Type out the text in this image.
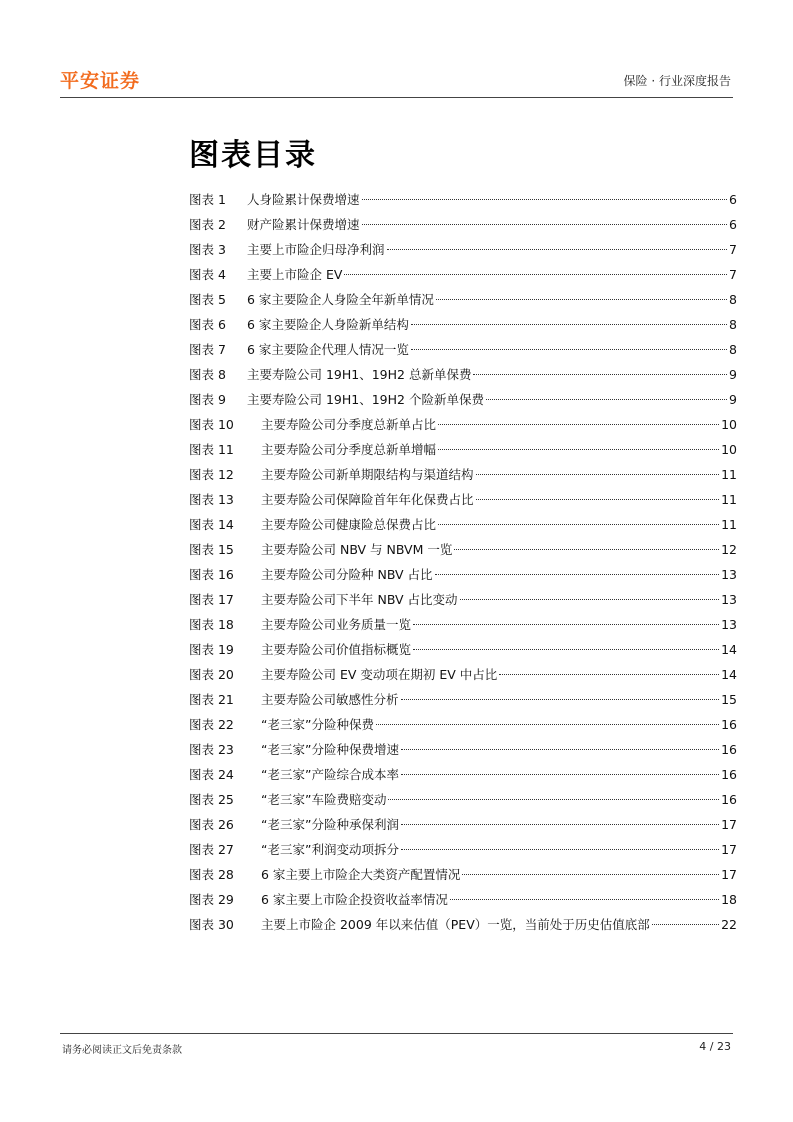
平安证券	保险 · 行业深度报告
图表目录
图表 1	人身险累计保费增速	6
图表 2	财产险累计保费增速	6
图表 3	主要上市险企归母净利润	7
图表 4	主要上市险企 EV	7
图表 5	6 家主要险企人身险全年新单情况	8
图表 6	6 家主要险企人身险新单结构	8
图表 7	6 家主要险企代理人情况一览	8
图表 8	主要寿险公司 19H1、19H2 总新单保费	9
图表 9	主要寿险公司 19H1、19H2 个险新单保费	9
图表 10	主要寿险公司分季度总新单占比	10
图表 11	主要寿险公司分季度总新单增幅	10
图表 12	主要寿险公司新单期限结构与渠道结构	11
图表 13	主要寿险公司保障险首年年化保费占比	11
图表 14	主要寿险公司健康险总保费占比	11
图表 15	主要寿险公司 NBV 与 NBVM 一览	12
图表 16	主要寿险公司分险种 NBV 占比	13
图表 17	主要寿险公司下半年 NBV 占比变动	13
图表 18	主要寿险公司业务质量一览	13
图表 19	主要寿险公司价值指标概览	14
图表 20	主要寿险公司 EV 变动项在期初 EV 中占比	14
图表 21	主要寿险公司敏感性分析	15
图表 22	“老三家”分险种保费	16
图表 23	“老三家”分险种保费增速	16
图表 24	“老三家”产险综合成本率	16
图表 25	“老三家”车险费赔变动	16
图表 26	“老三家”分险种承保利润	17
图表 27	“老三家”利润变动项拆分	17
图表 28	6 家主要上市险企大类资产配置情况	17
图表 29	6 家主要上市险企投资收益率情况	18
图表 30	主要上市险企 2009 年以来估值（PEV）一览，当前处于历史估值底部	22
请务必阅读正文后免责条款	4 / 23
